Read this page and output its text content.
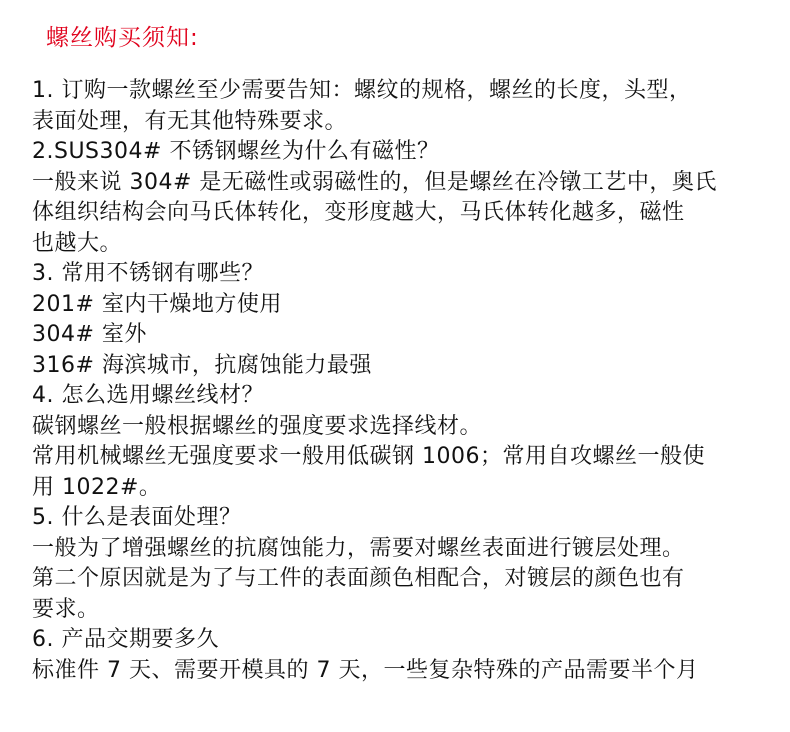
螺丝购买须知:
1. 订购一款螺丝至少需要告知：螺纹的规格，螺丝的长度，头型，
表面处理，有无其他特殊要求。
2.SUS304# 不锈钢螺丝为什么有磁性？
一般来说 304# 是无磁性或弱磁性的，但是螺丝在冷镦工艺中，奥氏
体组织结构会向马氏体转化，变形度越大，马氏体转化越多，磁性
也越大。
3. 常用不锈钢有哪些？
201# 室内干燥地方使用
304# 室外
316# 海滨城市，抗腐蚀能力最强
4. 怎么选用螺丝线材？
碳钢螺丝一般根据螺丝的强度要求选择线材。
常用机械螺丝无强度要求一般用低碳钢 1006；常用自攻螺丝一般使
用 1022#。
5. 什么是表面处理？
一般为了增强螺丝的抗腐蚀能力，需要对螺丝表面进行镀层处理。
第二个原因就是为了与工件的表面颜色相配合，对镀层的颜色也有
要求。
6. 产品交期要多久
标准件 7 天、需要开模具的 7 天，一些复杂特殊的产品需要半个月
